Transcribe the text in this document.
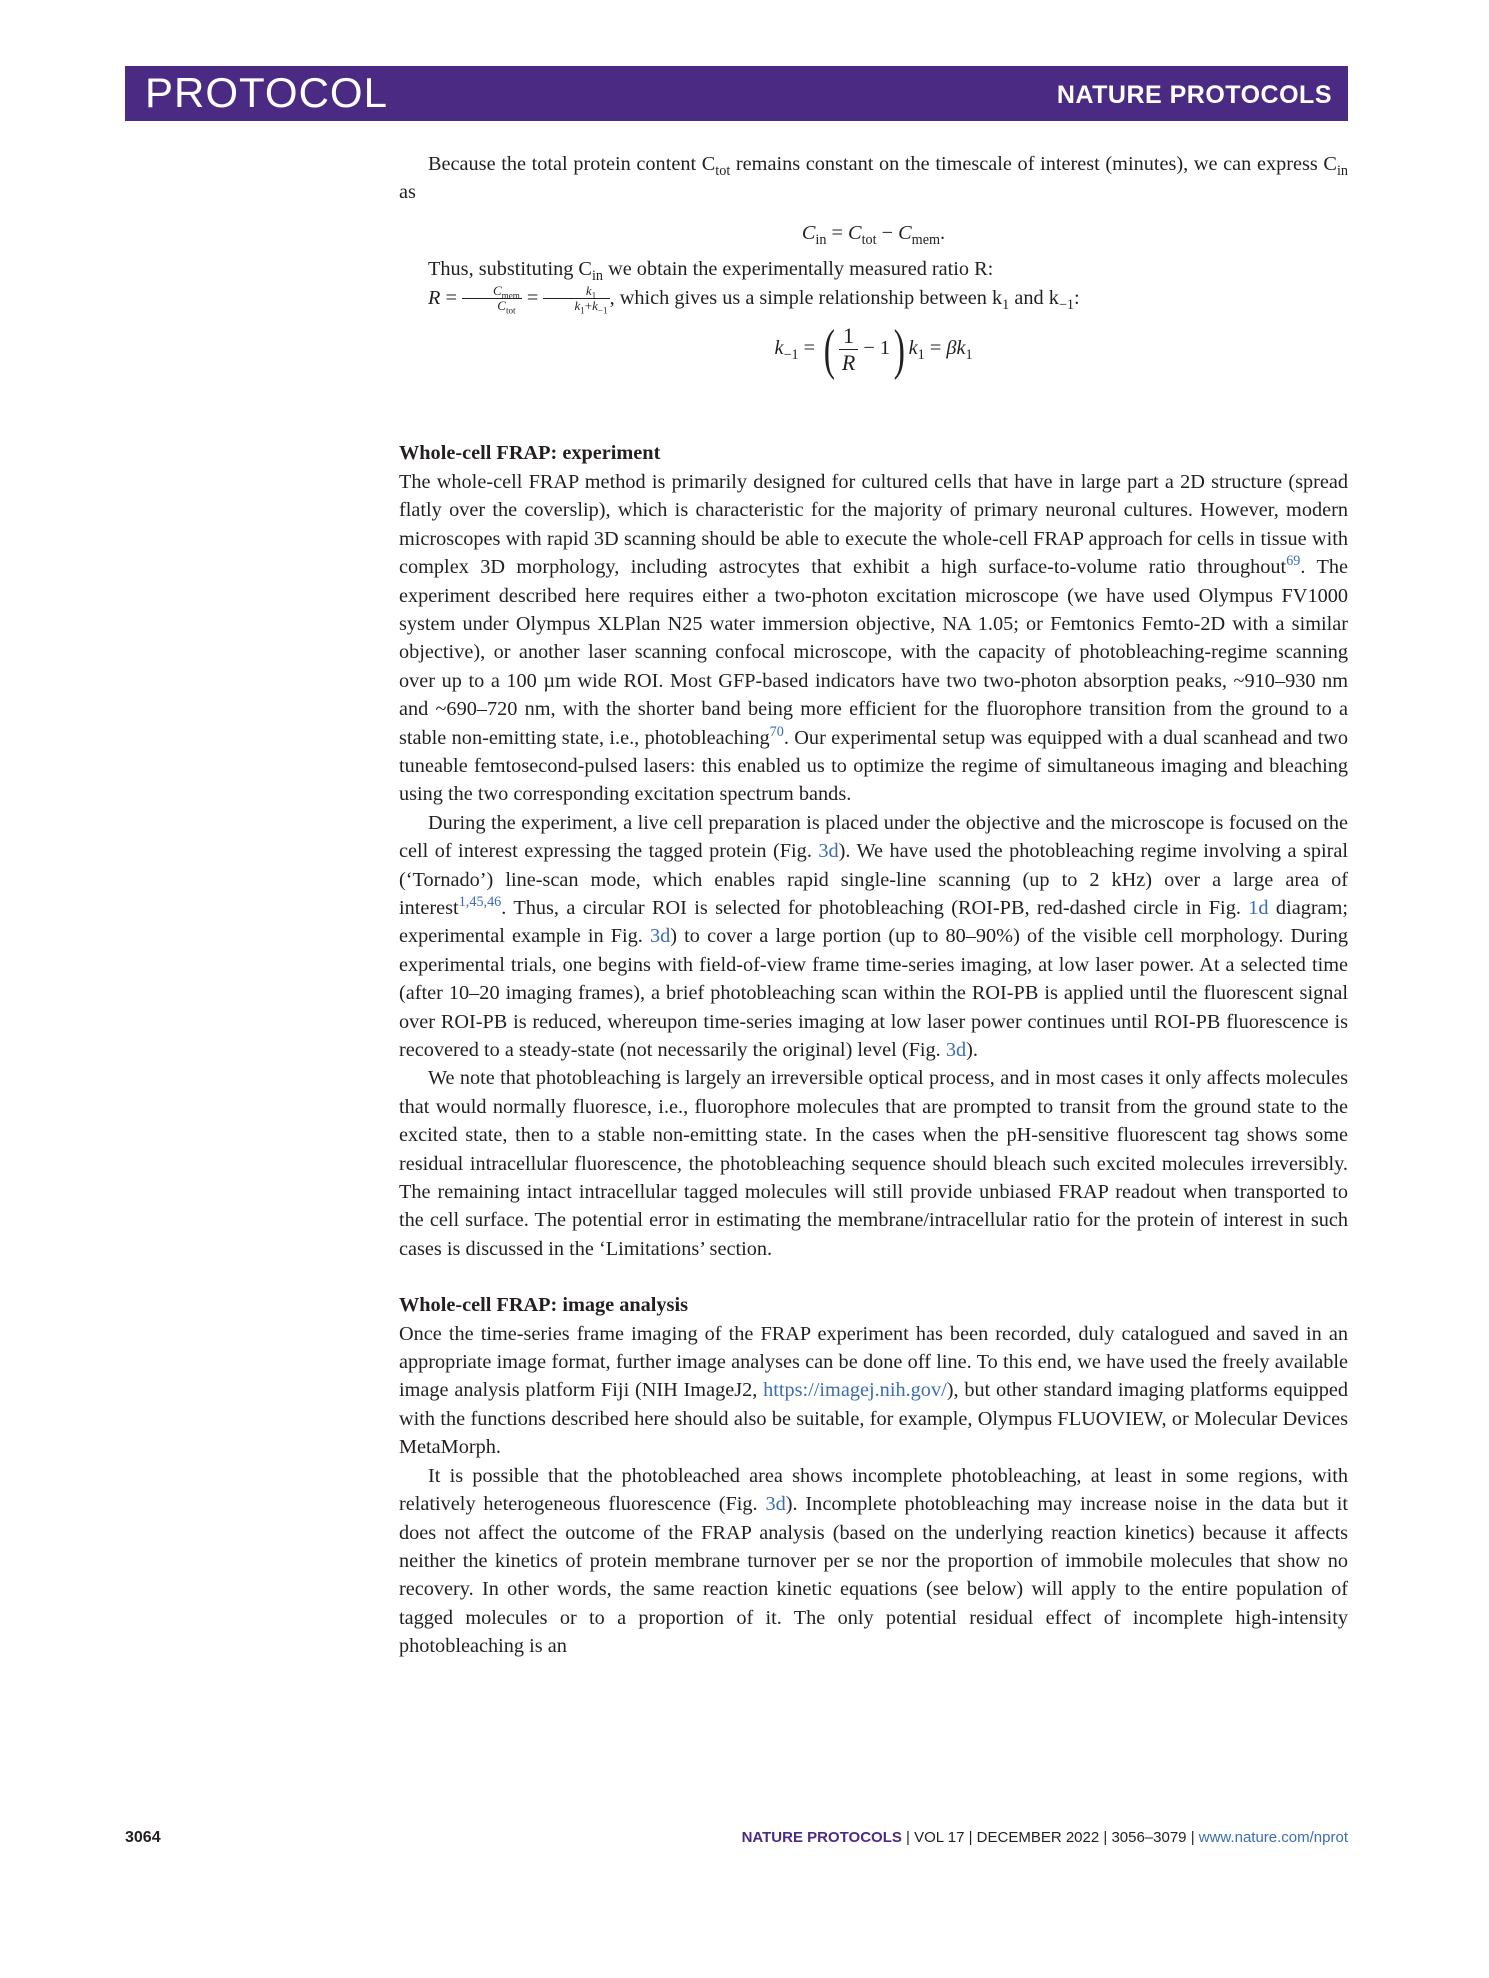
PROTOCOL	NATURE PROTOCOLS

Because the total protein content $C_{tot}$ remains constant on the timescale of interest (minutes), we can express $C_{in}$ as

$C_{in} = C_{tot} - C_{mem}$.

Thus, substituting $C_{in}$ we obtain the experimentally measured ratio R:

$R = \frac{C_{mem}}{C_{tot}} = \frac{k_1}{k_1+k_{-1}}$ , which gives us a simple relationship between $k_1$ and $k_{-1}$:

$k_{-1}$ = ( $\frac{1}{R} - 1$) $k_1 = \beta k_1$

Whole-cell FRAP: experiment

The whole-cell FRAP method is primarily designed for cultured cells that have in large part a 2D structure (spread flatly over the coverslip), which is characteristic for the majority of primary neuronal cultures. However, modern microscopes with rapid 3D scanning should be able to execute the whole-cell FRAP approach for cells in tissue with complex 3D morphology, including astrocytes that exhibit a high surface-to-volume ratio throughout$^{69}$. The experiment described here requires either a two-photon excitation microscope (we have used Olympus FV1000 system under Olympus XLPlan N25 water immersion objective, NA 1.05; or Femtonics Femto-2D with a similar objective), or another laser scanning confocal microscope, with the capacity of photobleaching-regime scanning over up to a 100 µm wide ROI. Most GFP-based indicators have two two-photon absorption peaks, ~910–930 nm and ~690–720 nm, with the shorter band being more efficient for the fluorophore transition from the ground to a stable non-emitting state, i.e., photobleaching$^{70}$. Our experimental setup was equipped with a dual scanhead and two tuneable femtosecond-pulsed lasers: this enabled us to optimize the regime of simultaneous imaging and bleaching using the two corresponding excitation spectrum bands.

During the experiment, a live cell preparation is placed under the objective and the microscope is focused on the cell of interest expressing the tagged protein (Fig. 3d). We have used the photobleaching regime involving a spiral (‘Tornado’) line-scan mode, which enables rapid single-line scanning (up to 2 kHz) over a large area of interest$^{1,45,46}$. Thus, a circular ROI is selected for photobleaching (ROI-PB, red-dashed circle in Fig. 1d diagram; experimental example in Fig. 3d) to cover a large portion (up to 80–90%) of the visible cell morphology. During experimental trials, one begins with field-of-view frame time-series imaging, at low laser power. At a selected time (after 10–20 imaging frames), a brief photobleaching scan within the ROI-PB is applied until the fluorescent signal over ROI-PB is reduced, whereupon time-series imaging at low laser power continues until ROI-PB fluorescence is recovered to a steady-state (not necessarily the original) level (Fig. 3d).

We note that photobleaching is largely an irreversible optical process, and in most cases it only affects molecules that would normally fluoresce, i.e., fluorophore molecules that are prompted to transit from the ground state to the excited state, then to a stable non-emitting state. In the cases when the pH-sensitive fluorescent tag shows some residual intracellular fluorescence, the photobleaching sequence should bleach such excited molecules irreversibly. The remaining intact intracellular tagged molecules will still provide unbiased FRAP readout when transported to the cell surface. The potential error in estimating the membrane/intracellular ratio for the protein of interest in such cases is discussed in the ‘Limitations’ section.

Whole-cell FRAP: image analysis

Once the time-series frame imaging of the FRAP experiment has been recorded, duly catalogued and saved in an appropriate image format, further image analyses can be done off line. To this end, we have used the freely available image analysis platform Fiji (NIH ImageJ2, https://imagej.nih.gov/), but other standard imaging platforms equipped with the functions described here should also be suitable, for example, Olympus FLUOVIEW, or Molecular Devices MetaMorph.

It is possible that the photobleached area shows incomplete photobleaching, at least in some regions, with relatively heterogeneous fluorescence (Fig. 3d). Incomplete photobleaching may increase noise in the data but it does not affect the outcome of the FRAP analysis (based on the underlying reaction kinetics) because it affects neither the kinetics of protein membrane turnover per se nor the proportion of immobile molecules that show no recovery. In other words, the same reaction kinetic equations (see below) will apply to the entire population of tagged molecules or to a proportion of it. The only potential residual effect of incomplete high-intensity photobleaching is an

3064	NATURE PROTOCOLS | VOL 17 | DECEMBER 2022 | 3056–3079 | www.nature.com/nprot
